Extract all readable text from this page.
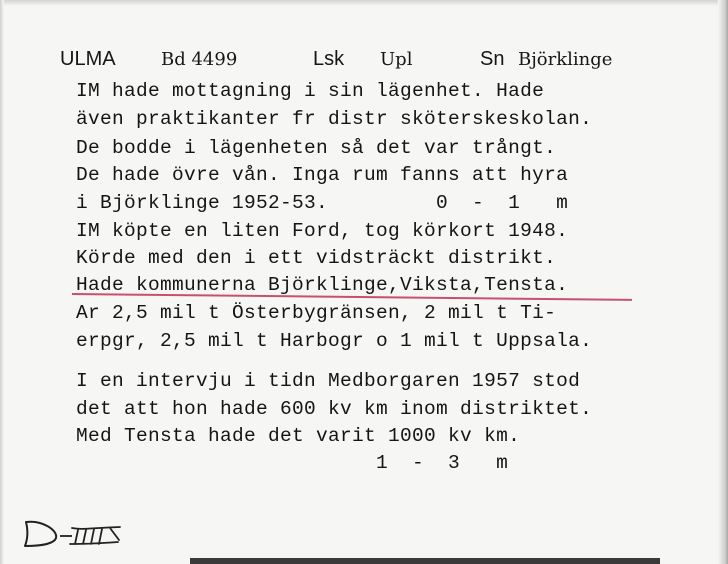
ULMA	Bd 4499	Lsk Upl	Sn Björklinge
IM hade mottagning i sin lägenhet. Hade
även praktikanter fr distr sköterskeskolan.
De bodde i lägenheten så det var trångt.
De hade övre vån. Inga rum fanns att hyra
i Björklinge 1952-53.         0  -  1   m
IM köpte en liten Ford, tog körkort 1948.
Körde med den i ett vidsträckt distrikt.
Hade kommunerna Björklinge,Viksta,Tensta.
Ar 2,5 mil t Österbygränsen, 2 mil t Ti-
erpgr, 2,5 mil t Harbogr o 1 mil t Uppsala.
I en intervju i tidn Medborgaren 1957 stod
det att hon hade 600 kv km inom distriktet.
Med Tensta hade det varit 1000 kv km.
1  -  3   m
